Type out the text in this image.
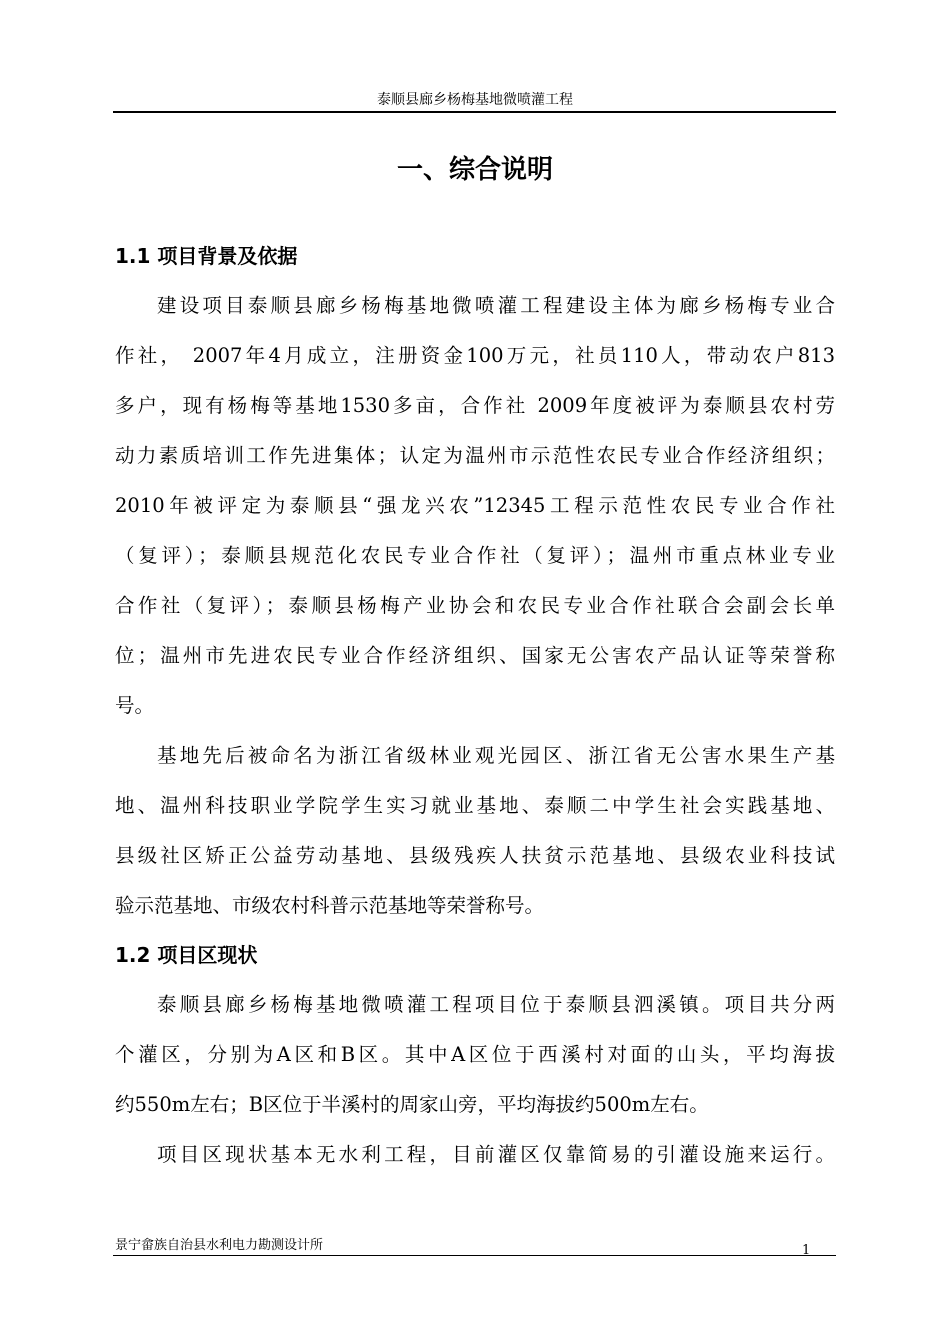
泰顺县廊乡杨梅基地微喷灌工程
一、综合说明
1.1 项目背景及依据
建设项目泰顺县廊乡杨梅基地微喷灌工程建设主体为廊乡杨梅专业合
作社， 2007年4月成立，注册资金100万元，社员110人，带动农户813
多户，现有杨梅等基地1530多亩，合作社 2009年度被评为泰顺县农村劳
动力素质培训工作先进集体；认定为温州市示范性农民专业合作经济组织；
2010年被评定为泰顺县“强龙兴农”12345工程示范性农民专业合作社
（复评）；泰顺县规范化农民专业合作社（复评）；温州市重点林业专业
合作社（复评）；泰顺县杨梅产业协会和农民专业合作社联合会副会长单
位；温州市先进农民专业合作经济组织、国家无公害农产品认证等荣誉称
号。
基地先后被命名为浙江省级林业观光园区、浙江省无公害水果生产基
地、温州科技职业学院学生实习就业基地、泰顺二中学生社会实践基地、
县级社区矫正公益劳动基地、县级残疾人扶贫示范基地、县级农业科技试
验示范基地、市级农村科普示范基地等荣誉称号。
1.2 项目区现状
泰顺县廊乡杨梅基地微喷灌工程项目位于泰顺县泗溪镇。项目共分两
个灌区，分别为A区和B区。其中A区位于西溪村对面的山头，平均海拔
约550m左右；B区位于半溪村的周家山旁，平均海拔约500m左右。
项目区现状基本无水利工程，目前灌区仅靠简易的引灌设施来运行。
景宁畲族自治县水利电力勘测设计所	1
